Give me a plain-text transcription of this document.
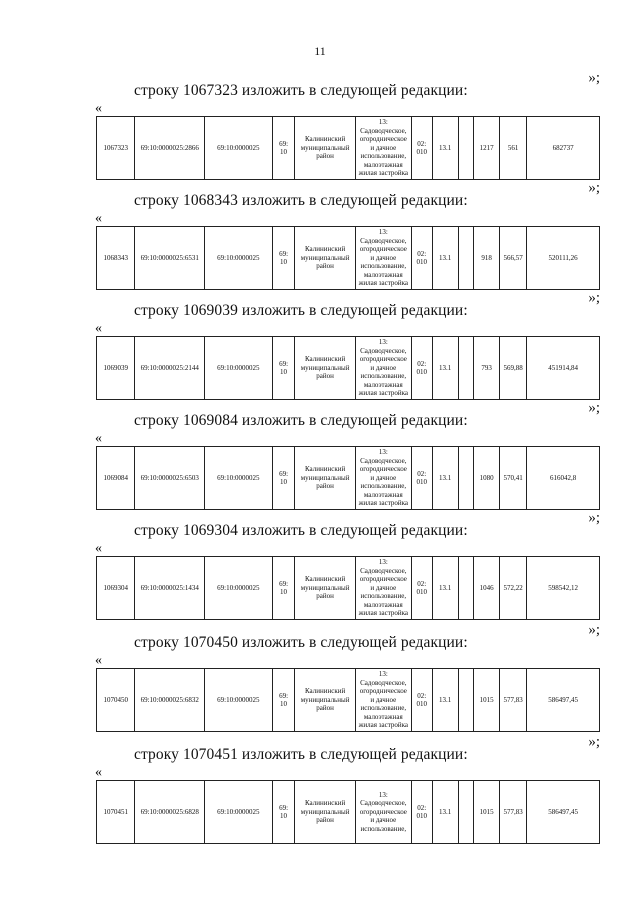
11
»;
строку 1067323 изложить в следующей редакции:
«
1067323	69:10:0000025:2866	69:10:0000025	69:
10	Калининский
муниципальный
район	13:
Садоводческое,
огородническое
и дачное
использование,
малоэтажная
жилая застройка	02:
010	13.1		1217	561	682737
»;
строку 1068343 изложить в следующей редакции:
«
1068343	69:10:0000025:6531	69:10:0000025	69:
10	Калининский
муниципальный
район	13:
Садоводческое,
огородническое
и дачное
использование,
малоэтажная
жилая застройка	02:
010	13.1		918	566,57	520111,26
»;
строку 1069039 изложить в следующей редакции:
«
1069039	69:10:0000025:2144	69:10:0000025	69:
10	Калининский
муниципальный
район	13:
Садоводческое,
огородническое
и дачное
использование,
малоэтажная
жилая застройка	02:
010	13.1		793	569,88	451914,84
»;
строку 1069084 изложить в следующей редакции:
«
1069084	69:10:0000025:6503	69:10:0000025	69:
10	Калининский
муниципальный
район	13:
Садоводческое,
огородническое
и дачное
использование,
малоэтажная
жилая застройка	02:
010	13.1		1080	570,41	616042,8
»;
строку 1069304 изложить в следующей редакции:
«
1069304	69:10:0000025:1434	69:10:0000025	69:
10	Калининский
муниципальный
район	13:
Садоводческое,
огородническое
и дачное
использование,
малоэтажная
жилая застройка	02:
010	13.1		1046	572,22	598542,12
»;
строку 1070450 изложить в следующей редакции:
«
1070450	69:10:0000025:6832	69:10:0000025	69:
10	Калининский
муниципальный
район	13:
Садоводческое,
огородническое
и дачное
использование,
малоэтажная
жилая застройка	02:
010	13.1		1015	577,83	586497,45
»;
строку 1070451 изложить в следующей редакции:
«
1070451	69:10:0000025:6828	69:10:0000025	69:
10	Калининский
муниципальный
район	13:
Садоводческое,
огородническое
и дачное
использование,	02:
010	13.1		1015	577,83	586497,45
